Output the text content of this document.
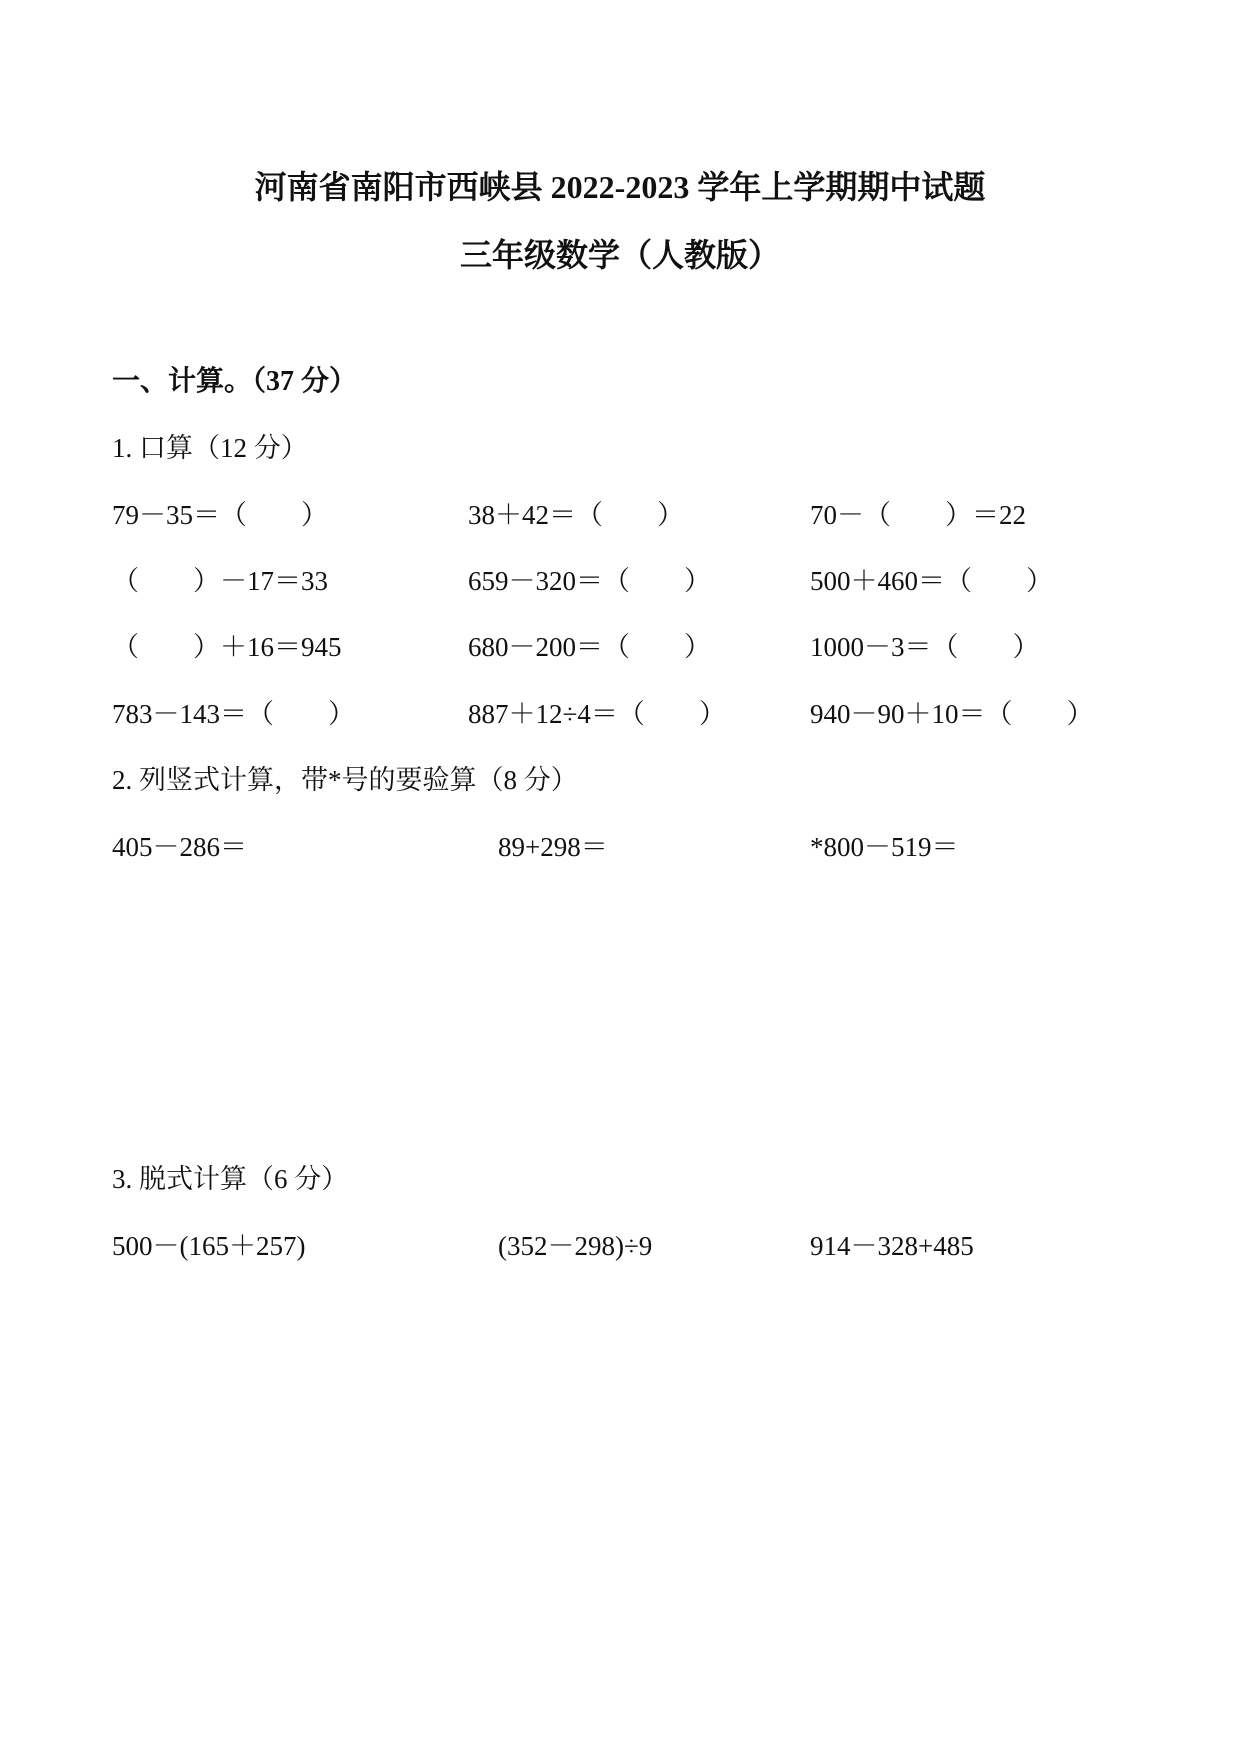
河南省南阳市西峡县 2022-2023 学年上学期期中试题
三年级数学（人教版）
一、计算。（37 分）
1. 口算（12 分）
79－35＝（　　）	38＋42＝（　　）	70－（　　）＝22
（　　）－17＝33	659－320＝（　　）	500＋460＝（　　）
（　　）＋16＝945	680－200＝（　　）	1000－3＝（　　）
783－143＝（　　）	887＋12÷4＝（　　）	940－90＋10＝（　　）
2. 列竖式计算，带*号的要验算（8 分）
405－286＝	89+298＝	*800－519＝
3. 脱式计算（6 分）
500－(165＋257)	(352－298)÷9	914－328+485
